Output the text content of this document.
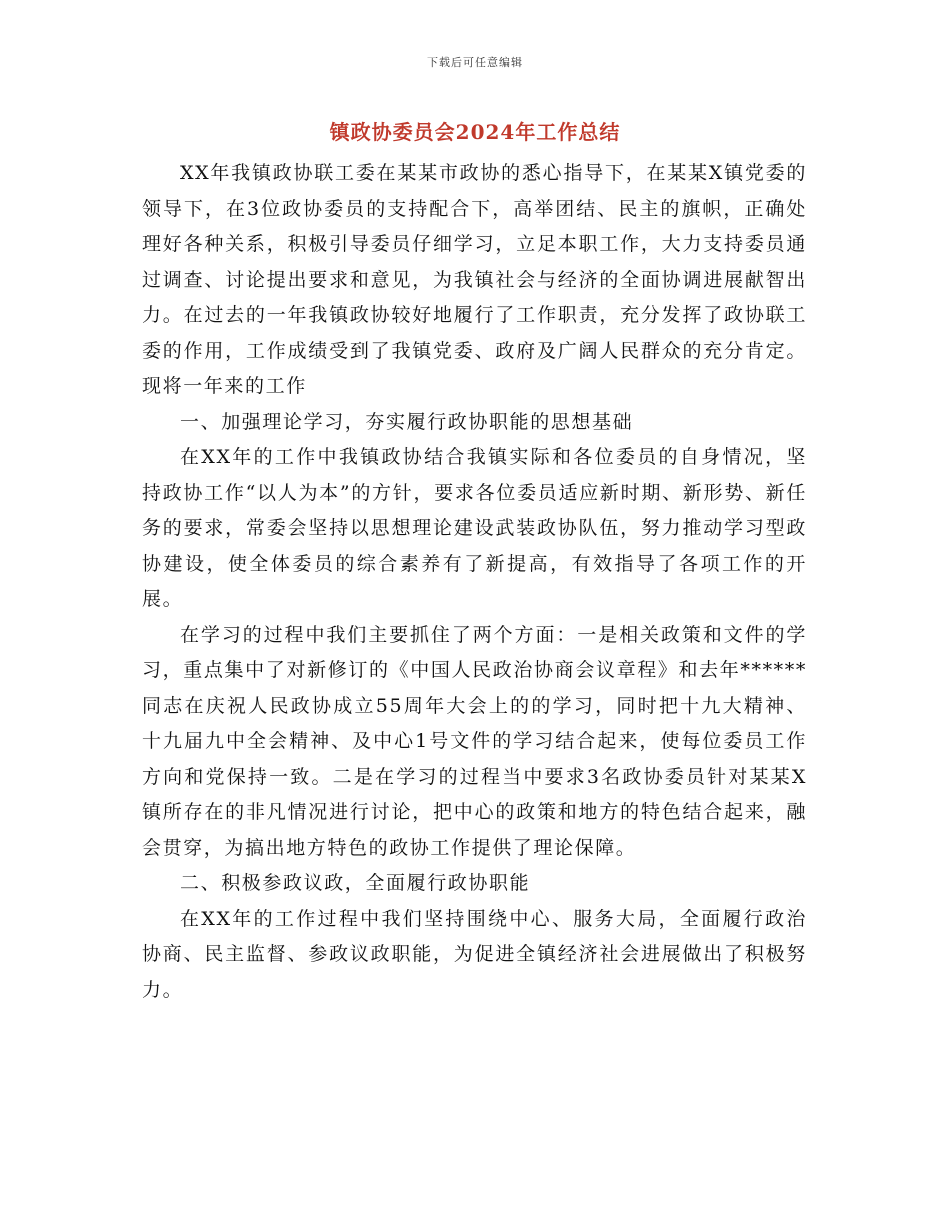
下载后可任意编辑
镇政协委员会2024年工作总结

XX年我镇政协联工委在某某市政协的悉心指导下，在某某X镇党委的领导下，在3位政协委员的支持配合下，高举团结、民主的旗帜，正确处理好各种关系，积极引导委员仔细学习，立足本职工作，大力支持委员通过调查、讨论提出要求和意见，为我镇社会与经济的全面协调进展献智出力。在过去的一年我镇政协较好地履行了工作职责，充分发挥了政协联工委的作用，工作成绩受到了我镇党委、政府及广阔人民群众的充分肯定。现将一年来的工作

一、加强理论学习，夯实履行政协职能的思想基础

在XX年的工作中我镇政协结合我镇实际和各位委员的自身情况，坚持政协工作“以人为本”的方针，要求各位委员适应新时期、新形势、新任务的要求，常委会坚持以思想理论建设武装政协队伍，努力推动学习型政协建设，使全体委员的综合素养有了新提高，有效指导了各项工作的开展。

在学习的过程中我们主要抓住了两个方面：一是相关政策和文件的学习，重点集中了对新修订的《中国人民政治协商会议章程》和去年******同志在庆祝人民政协成立55周年大会上的的学习，同时把十九大精神、十九届九中全会精神、及中心1号文件的学习结合起来，使每位委员工作方向和党保持一致。二是在学习的过程当中要求3名政协委员针对某某X镇所存在的非凡情况进行讨论，把中心的政策和地方的特色结合起来，融会贯穿，为搞出地方特色的政协工作提供了理论保障。

二、积极参政议政，全面履行政协职能

在XX年的工作过程中我们坚持围绕中心、服务大局，全面履行政治协商、民主监督、参政议政职能，为促进全镇经济社会进展做出了积极努力。
